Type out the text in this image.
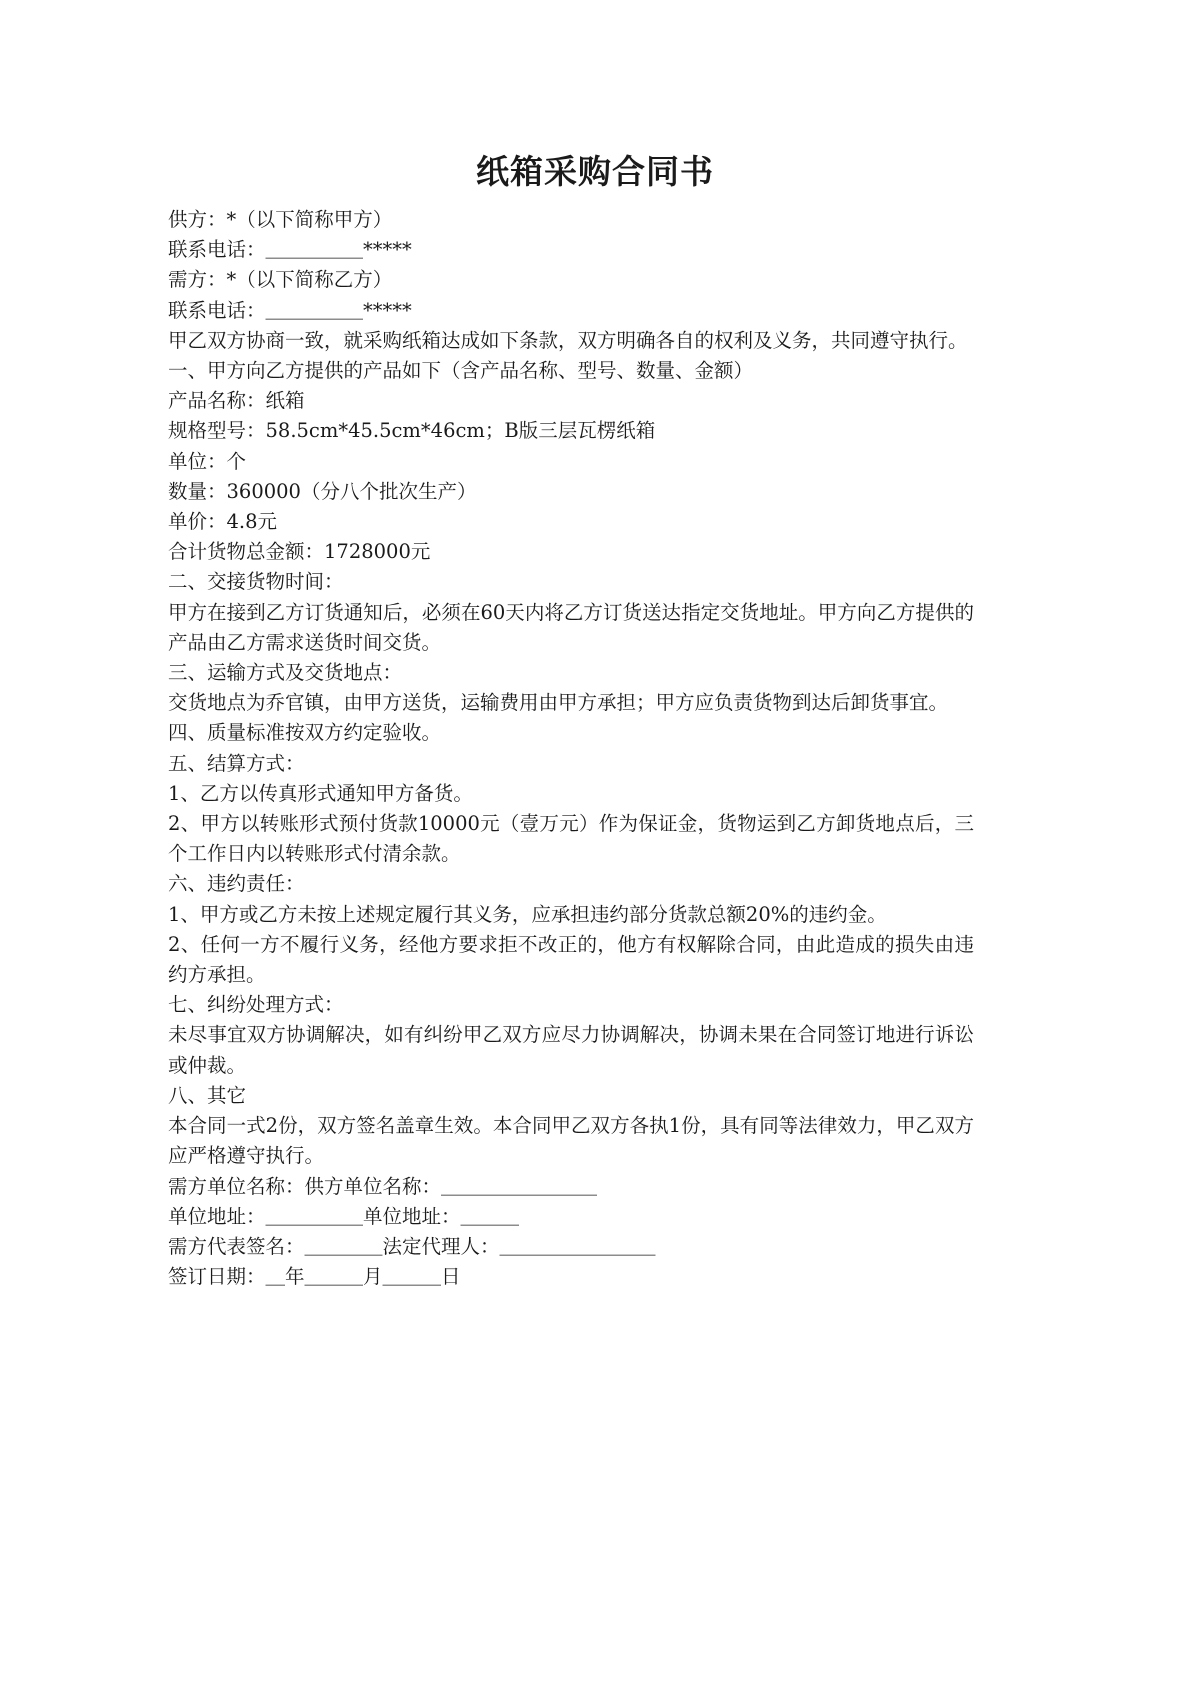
纸箱采购合同书

供方：*（以下简称甲方）

联系电话：＿＿＿＿＿*****

需方：*（以下简称乙方）

联系电话：＿＿＿＿＿*****

甲乙双方协商一致，就采购纸箱达成如下条款，双方明确各自的权利及义务，共同遵守执行。

一、甲方向乙方提供的产品如下（含产品名称、型号、数量、金额）

产品名称：纸箱

规格型号：58.5cm*45.5cm*46cm；B版三层瓦楞纸箱

单位：个

数量：360000（分八个批次生产）

单价：4.8元

合计货物总金额：1728000元

二、交接货物时间：

甲方在接到乙方订货通知后，必须在60天内将乙方订货送达指定交货地址。甲方向乙方提供的产品由乙方需求送货时间交货。

三、运输方式及交货地点：

交货地点为乔官镇，由甲方送货，运输费用由甲方承担；甲方应负责货物到达后卸货事宜。

四、质量标准按双方约定验收。

五、结算方式：

1、乙方以传真形式通知甲方备货。

2、甲方以转账形式预付货款10000元（壹万元）作为保证金，货物运到乙方卸货地点后，三个工作日内以转账形式付清余款。

六、违约责任：

1、甲方或乙方未按上述规定履行其义务，应承担违约部分货款总额20%的违约金。

2、任何一方不履行义务，经他方要求拒不改正的，他方有权解除合同，由此造成的损失由违约方承担。

七、纠纷处理方式：

未尽事宜双方协调解决，如有纠纷甲乙双方应尽力协调解决，协调未果在合同签订地进行诉讼或仲裁。

八、其它

本合同一式2份，双方签名盖章生效。本合同甲乙双方各执1份，具有同等法律效力，甲乙双方应严格遵守执行。

需方单位名称：供方单位名称：＿＿＿＿＿＿＿＿

单位地址：＿＿＿＿＿单位地址：＿＿＿

需方代表签名：＿＿＿＿法定代理人：＿＿＿＿＿＿＿＿

签订日期：＿年＿＿＿月＿＿＿日
